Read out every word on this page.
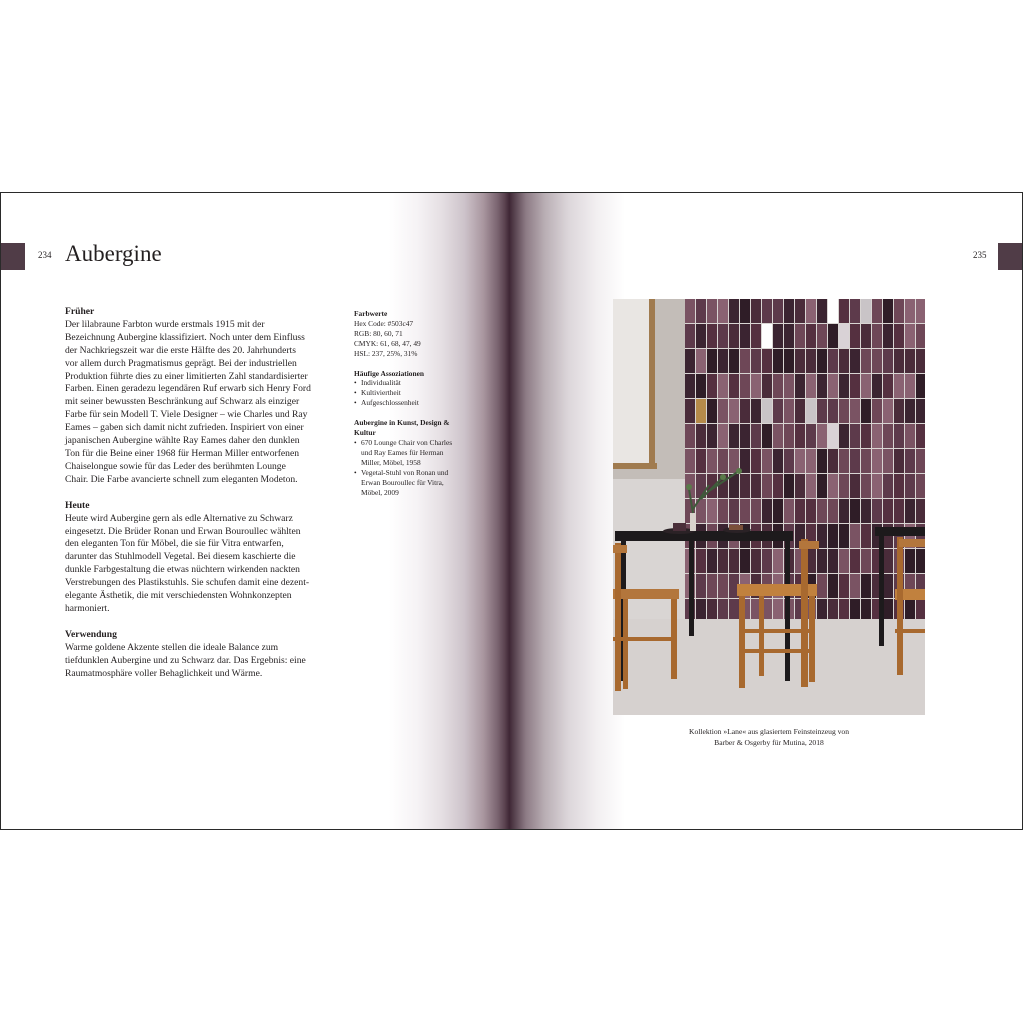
234	235
Aubergine
Früher

Der lilabraune Farbton wurde erstmals 1915 mit der Bezeichnung Aubergine klassifiziert. Noch unter dem Einfluss der Nachkriegszeit war die erste Hälfte des 20. Jahrhunderts vor allem durch Pragmatismus geprägt. Bei der industriellen Produktion führte dies zu einer limitierten Zahl standardisierter Farben. Einen geradezu legendären Ruf erwarb sich Henry Ford mit seiner bewussten Beschränkung auf Schwarz als einziger Farbe für sein Modell T. Viele Designer – wie Charles und Ray Eames – gaben sich damit nicht zufrieden. Inspiriert von einer japanischen Aubergine wählte Ray Eames daher den dunklen Ton für die Beine einer 1968 für Herman Miller entworfenen Chaiselongue sowie für das Leder des berühmten Lounge Chair. Die Farbe avancierte schnell zum eleganten Modeton.

Heute

Heute wird Aubergine gern als edle Alternative zu Schwarz eingesetzt. Die Brüder Ronan und Erwan Bouroullec wählten den eleganten Ton für Möbel, die sie für Vitra entwarfen, darunter das Stuhlmodell Vegetal. Bei diesem kaschierte die dunkle Farbgestaltung die etwas nüchtern wirkenden nackten Verstrebungen des Plastikstuhls. Sie schufen damit eine dezent-elegante Ästhetik, die mit verschiedensten Wohnkonzepten harmoniert.

Verwendung

Warme goldene Akzente stellen die ideale Balance zum tiefdunklen Aubergine und zu Schwarz dar. Das Ergebnis: eine Raumatmosphäre voller Behaglichkeit und Wärme.

Farbwerte
Hex Code: #503c47
RGB: 80, 60, 71
CMYK: 61, 68, 47, 49
HSL: 237, 25%, 31%
Häufige Assoziationen
• Individualität
• Kultiviertheit
• Aufgeschlossenheit
Aubergine in Kunst, Design & Kultur
• 670 Lounge Chair von Charles und Ray Eames für Herman Miller, Möbel, 1958
• Vegetal-Stuhl von Ronan und Erwan Bouroullec für Vitra, Möbel, 2009
Kollektion »Lane« aus glasiertem Feinsteinzeug von
Barber & Osgerby für Mutina, 2018
